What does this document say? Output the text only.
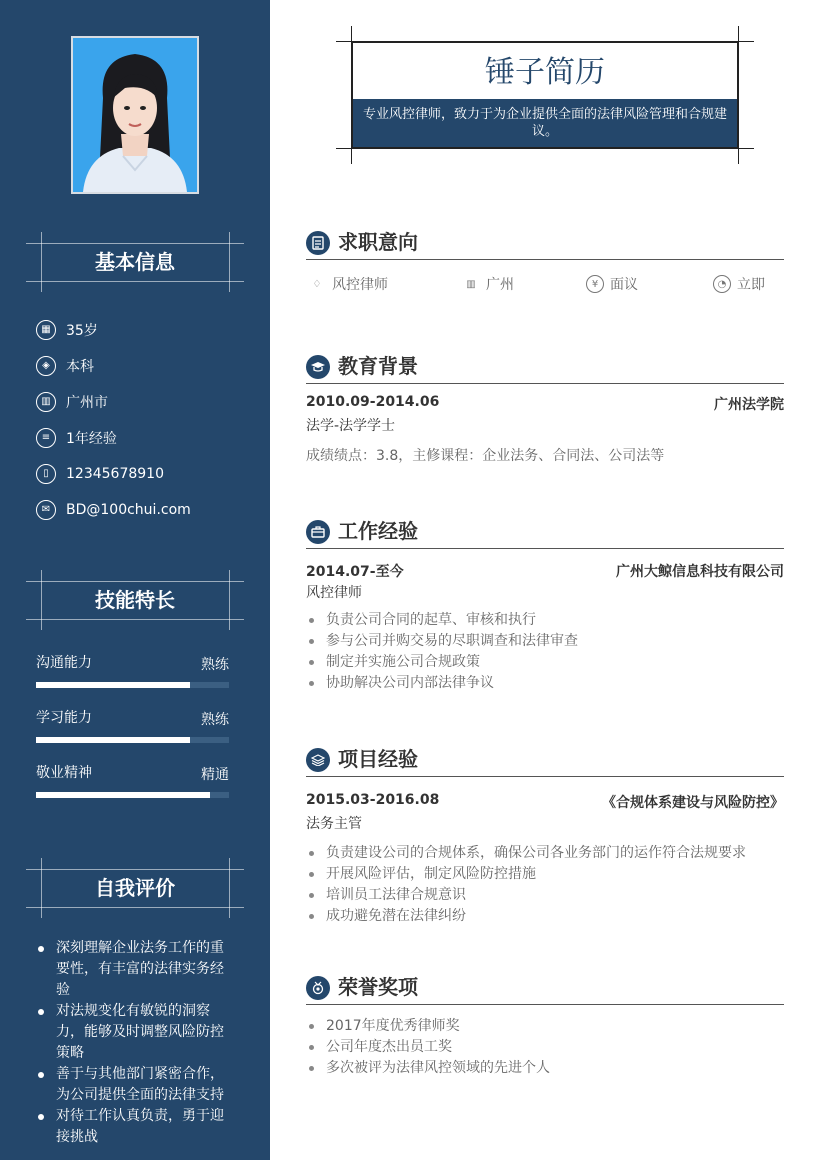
基本信息
▦	35岁
◈	本科
▥	广州市
≡	1年经验
▯	12345678910
✉	BD@100chui.com
技能特长
沟通能力	熟练
学习能力	熟练
敬业精神	精通
自我评价
深刻理解企业法务工作的重要性，有丰富的法律实务经验
对法规变化有敏锐的洞察力，能够及时调整风险防控策略
善于与其他部门紧密合作，为公司提供全面的法律支持
对待工作认真负责，勇于迎接挑战
锤子简历
专业风控律师，致力于为企业提供全面的法律风险管理和合规建议。
求职意向
♢ 风控律师	▥ 广州	¥ 面议	◔ 立即
教育背景
2010.09-2014.06	广州法学院
法学-法学学士
成绩绩点：3.8，主修课程：企业法务、合同法、公司法等
工作经验
2014.07-至今	广州大鲸信息科技有限公司
风控律师
负责公司合同的起草、审核和执行
参与公司并购交易的尽职调查和法律审查
制定并实施公司合规政策
协助解决公司内部法律争议
项目经验
2015.03-2016.08	《合规体系建设与风险防控》
法务主管
负责建设公司的合规体系，确保公司各业务部门的运作符合法规要求
开展风险评估，制定风险防控措施
培训员工法律合规意识
成功避免潜在法律纠纷
荣誉奖项
2017年度优秀律师奖
公司年度杰出员工奖
多次被评为法律风控领域的先进个人
